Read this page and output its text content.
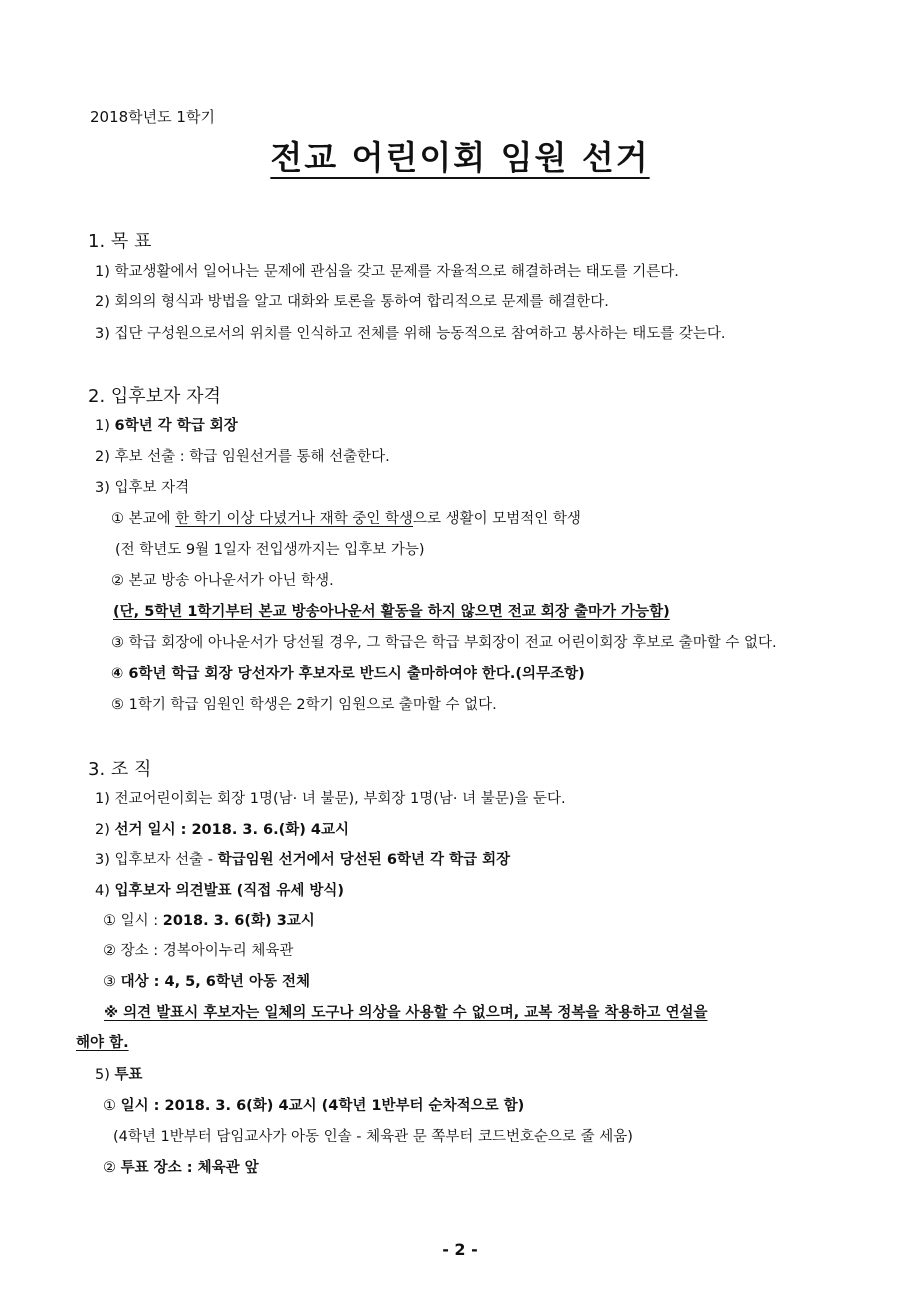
2018학년도 1학기
전교 어린이회 임원 선거
1. 목 표
1) 학교생활에서 일어나는 문제에 관심을 갖고 문제를 자율적으로 해결하려는 태도를 기른다.
2) 회의의 형식과 방법을 알고 대화와 토론을 통하여 합리적으로 문제를 해결한다.
3) 집단 구성원으로서의 위치를 인식하고 전체를 위해 능동적으로 참여하고 봉사하는 태도를 갖는다.
2. 입후보자 자격
1) 6학년 각 학급 회장
2) 후보 선출 : 학급 임원선거를 통해 선출한다.
3) 입후보 자격
① 본교에 한 학기 이상 다녔거나 재학 중인 학생으로 생활이 모범적인 학생
(전 학년도 9월 1일자 전입생까지는 입후보 가능)
② 본교 방송 아나운서가 아닌 학생.
(단, 5학년 1학기부터 본교 방송아나운서 활동을 하지 않으면 전교 회장 출마가 가능함)
③ 학급 회장에 아나운서가 당선될 경우, 그 학급은 학급 부회장이 전교 어린이회장 후보로 출마할 수 없다.
④ 6학년 학급 회장 당선자가 후보자로 반드시 출마하여야 한다.(의무조항)
⑤ 1학기 학급 임원인 학생은 2학기 임원으로 출마할 수 없다.
3. 조 직
1) 전교어린이회는 회장 1명(남· 녀 불문), 부회장 1명(남· 녀 불문)을 둔다.
2) 선거 일시 : 2018. 3. 6.(화) 4교시
3) 입후보자 선출 - 학급임원 선거에서 당선된 6학년 각 학급 회장
4) 입후보자 의견발표 (직접 유세 방식)
① 일시 : 2018. 3. 6(화) 3교시
② 장소 : 경복아이누리 체육관
③ 대상 : 4, 5, 6학년 아동 전체
※ 의견 발표시 후보자는 일체의 도구나 의상을 사용할 수 없으며, 교복 정복을 착용하고 연설을
해야 함.
5) 투표
① 일시 : 2018. 3. 6(화) 4교시 (4학년 1반부터 순차적으로 함)
(4학년 1반부터 담임교사가 아동 인솔 - 체육관 문 쪽부터 코드번호순으로 줄 세움)
② 투표 장소 : 체육관 앞
- 2 -
